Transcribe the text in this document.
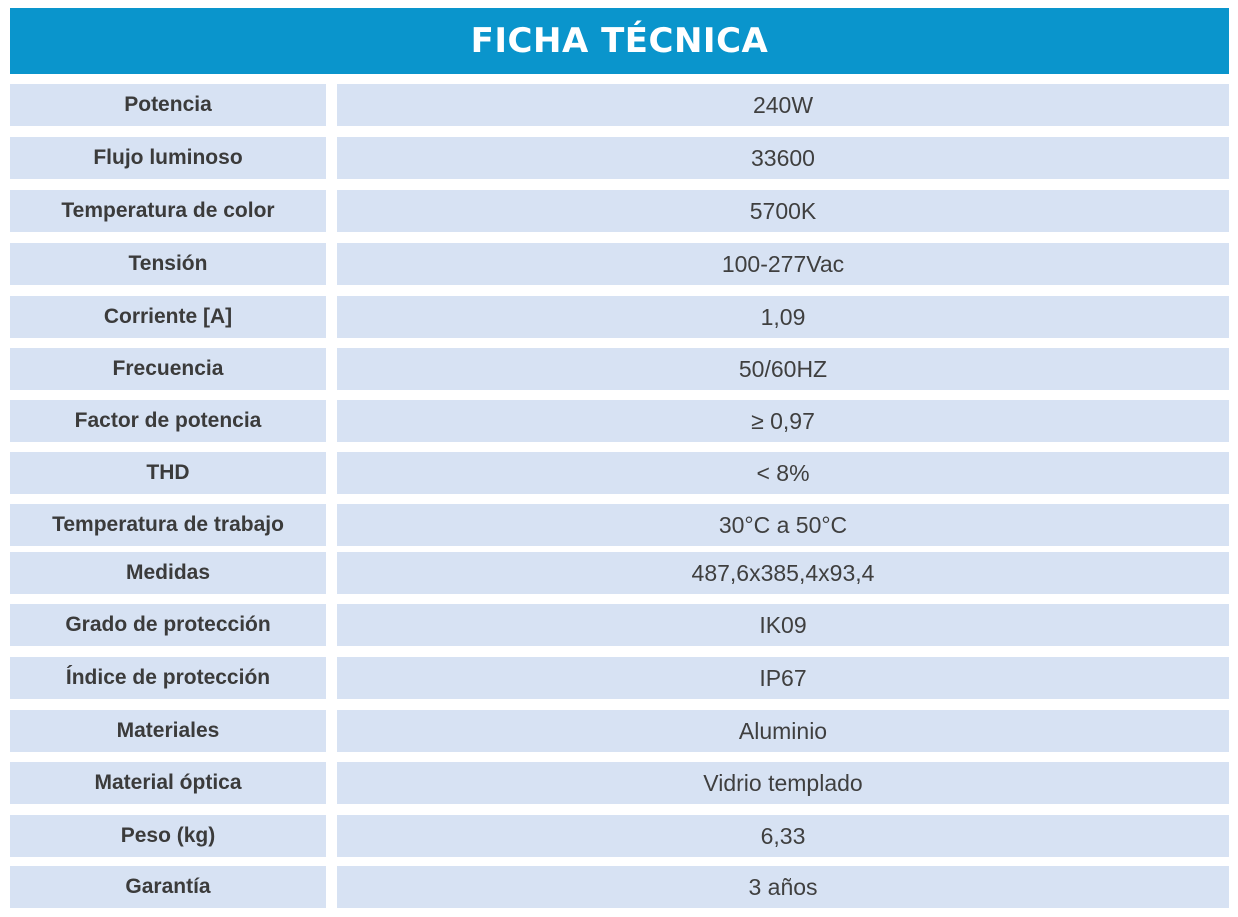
FICHA TÉCNICA
Potencia	240W
Flujo luminoso	33600
Temperatura de color	5700K
Tensión	100-277Vac
Corriente [A]	1,09
Frecuencia	50/60HZ
Factor de potencia	≥ 0,97
THD	< 8%
Temperatura de trabajo	30°C a 50°C
Medidas	487,6x385,4x93,4
Grado de protección	IK09
Índice de protección	IP67
Materiales	Aluminio
Material óptica	Vidrio templado
Peso (kg)	6,33
Garantía	3 años
